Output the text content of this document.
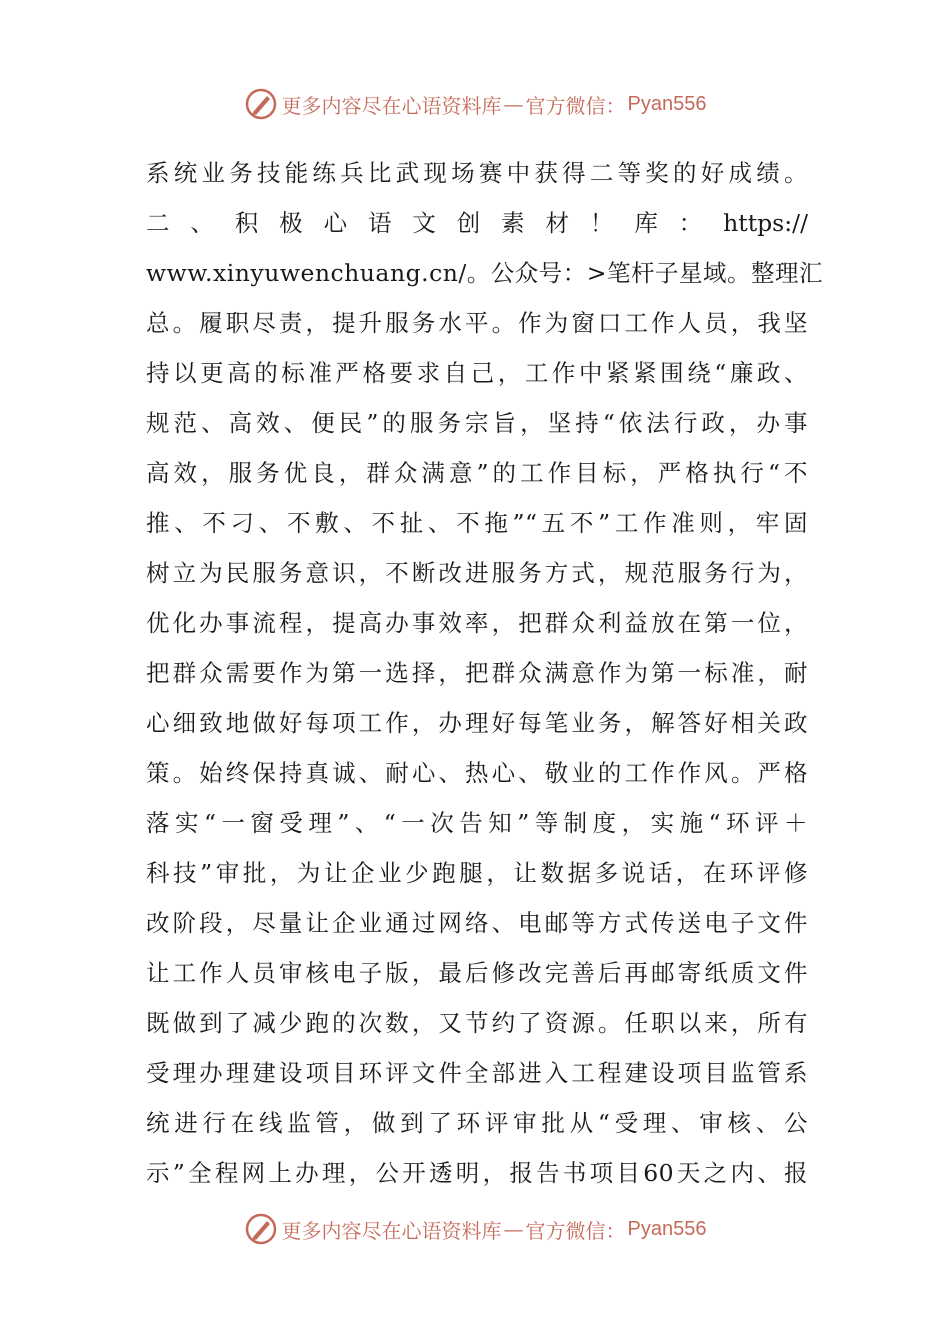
更多内容尽在心语资料库 — 官方微信： Pyan556
系统业务技能练兵比武现场赛中获得二等奖的好成绩。
二 、 积 极 心 语 文 创 素 材 ！ 库 ： https://
www.xinyuwenchuang.cn/。公众号：>笔杆子星域。整理汇
总。履职尽责，提升服务水平。作为窗口工作人员，我坚
持以更高的标准严格要求自己，工作中紧紧围绕“廉政、
规范、高效、便民”的服务宗旨，坚持“依法行政，办事
高效，服务优良，群众满意”的工作目标，严格执行“不
推、不刁、不敷、不扯、不拖”“五不”工作准则，牢固
树立为民服务意识，不断改进服务方式，规范服务行为，
优化办事流程，提高办事效率，把群众利益放在第一位，
把群众需要作为第一选择，把群众满意作为第一标准，耐
心细致地做好每项工作，办理好每笔业务，解答好相关政
策。始终保持真诚、耐心、热心、敬业的工作作风。严格
落实“一窗受理”、“一次告知”等制度，实施“环评＋
科技”审批，为让企业少跑腿，让数据多说话，在环评修
改阶段，尽量让企业通过网络、电邮等方式传送电子文件
让工作人员审核电子版，最后修改完善后再邮寄纸质文件
既做到了减少跑的次数，又节约了资源。任职以来，所有
受理办理建设项目环评文件全部进入工程建设项目监管系
统进行在线监管，做到了环评审批从“受理、审核、公
示”全程网上办理，公开透明，报告书项目60天之内、报
更多内容尽在心语资料库 — 官方微信： Pyan556
